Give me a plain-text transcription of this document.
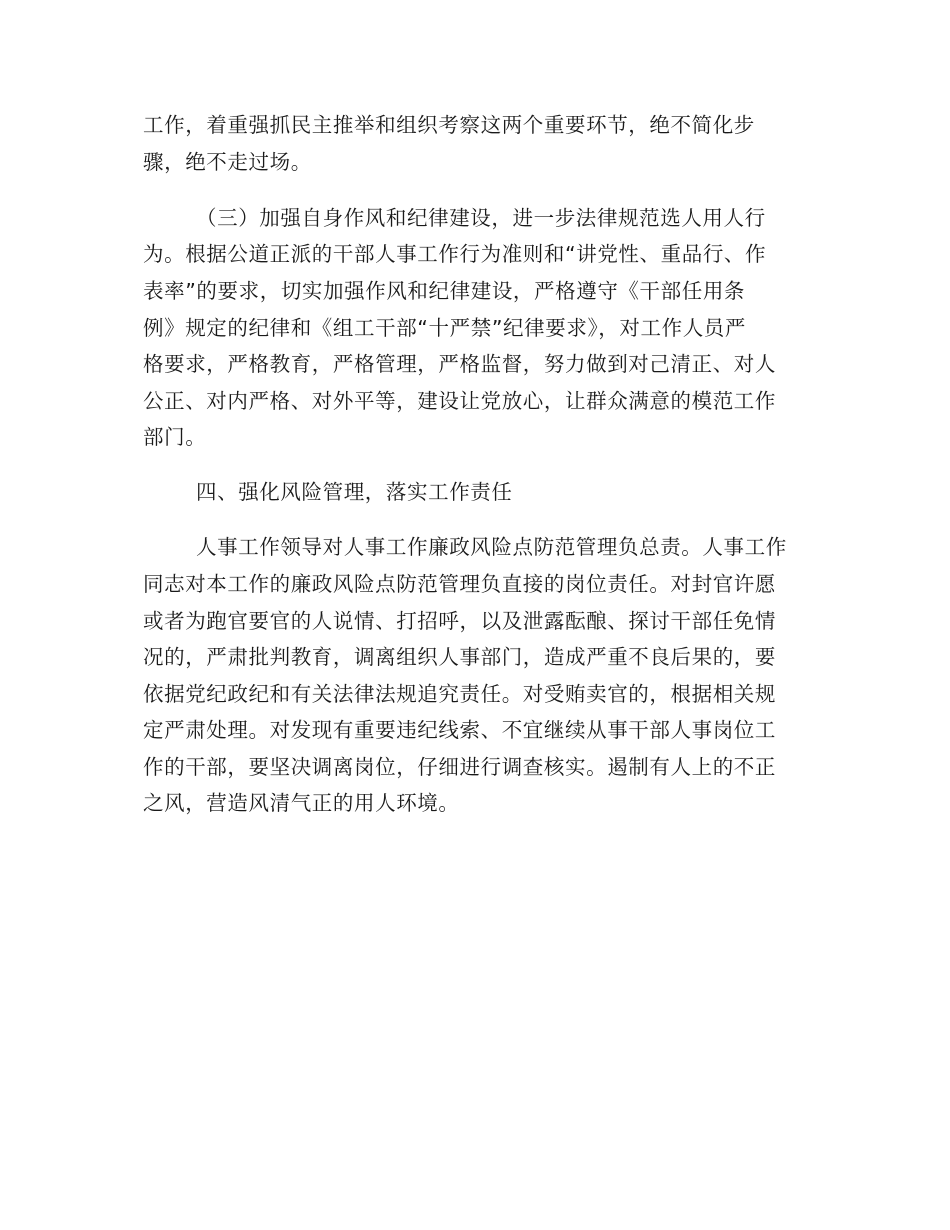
工作，着重强抓民主推举和组织考察这两个重要环节，绝不简化步
骤，绝不走过场。
（三）加强自身作风和纪律建设，进一步法律规范选人用人行
为。根据公道正派的干部人事工作行为准则和“讲党性、重品行、作
表率”的要求，切实加强作风和纪律建设，严格遵守《干部任用条
例》规定的纪律和《组工干部“十严禁”纪律要求》，对工作人员严
格要求，严格教育，严格管理，严格监督，努力做到对己清正、对人
公正、对内严格、对外平等，建设让党放心，让群众满意的模范工作
部门。
四、强化风险管理，落实工作责任
人事工作领导对人事工作廉政风险点防范管理负总责。人事工作
同志对本工作的廉政风险点防范管理负直接的岗位责任。对封官许愿
或者为跑官要官的人说情、打招呼，以及泄露酝酿、探讨干部任免情
况的，严肃批判教育，调离组织人事部门，造成严重不良后果的，要
依据党纪政纪和有关法律法规追究责任。对受贿卖官的，根据相关规
定严肃处理。对发现有重要违纪线索、不宜继续从事干部人事岗位工
作的干部，要坚决调离岗位，仔细进行调查核实。遏制有人上的不正
之风，营造风清气正的用人环境。
